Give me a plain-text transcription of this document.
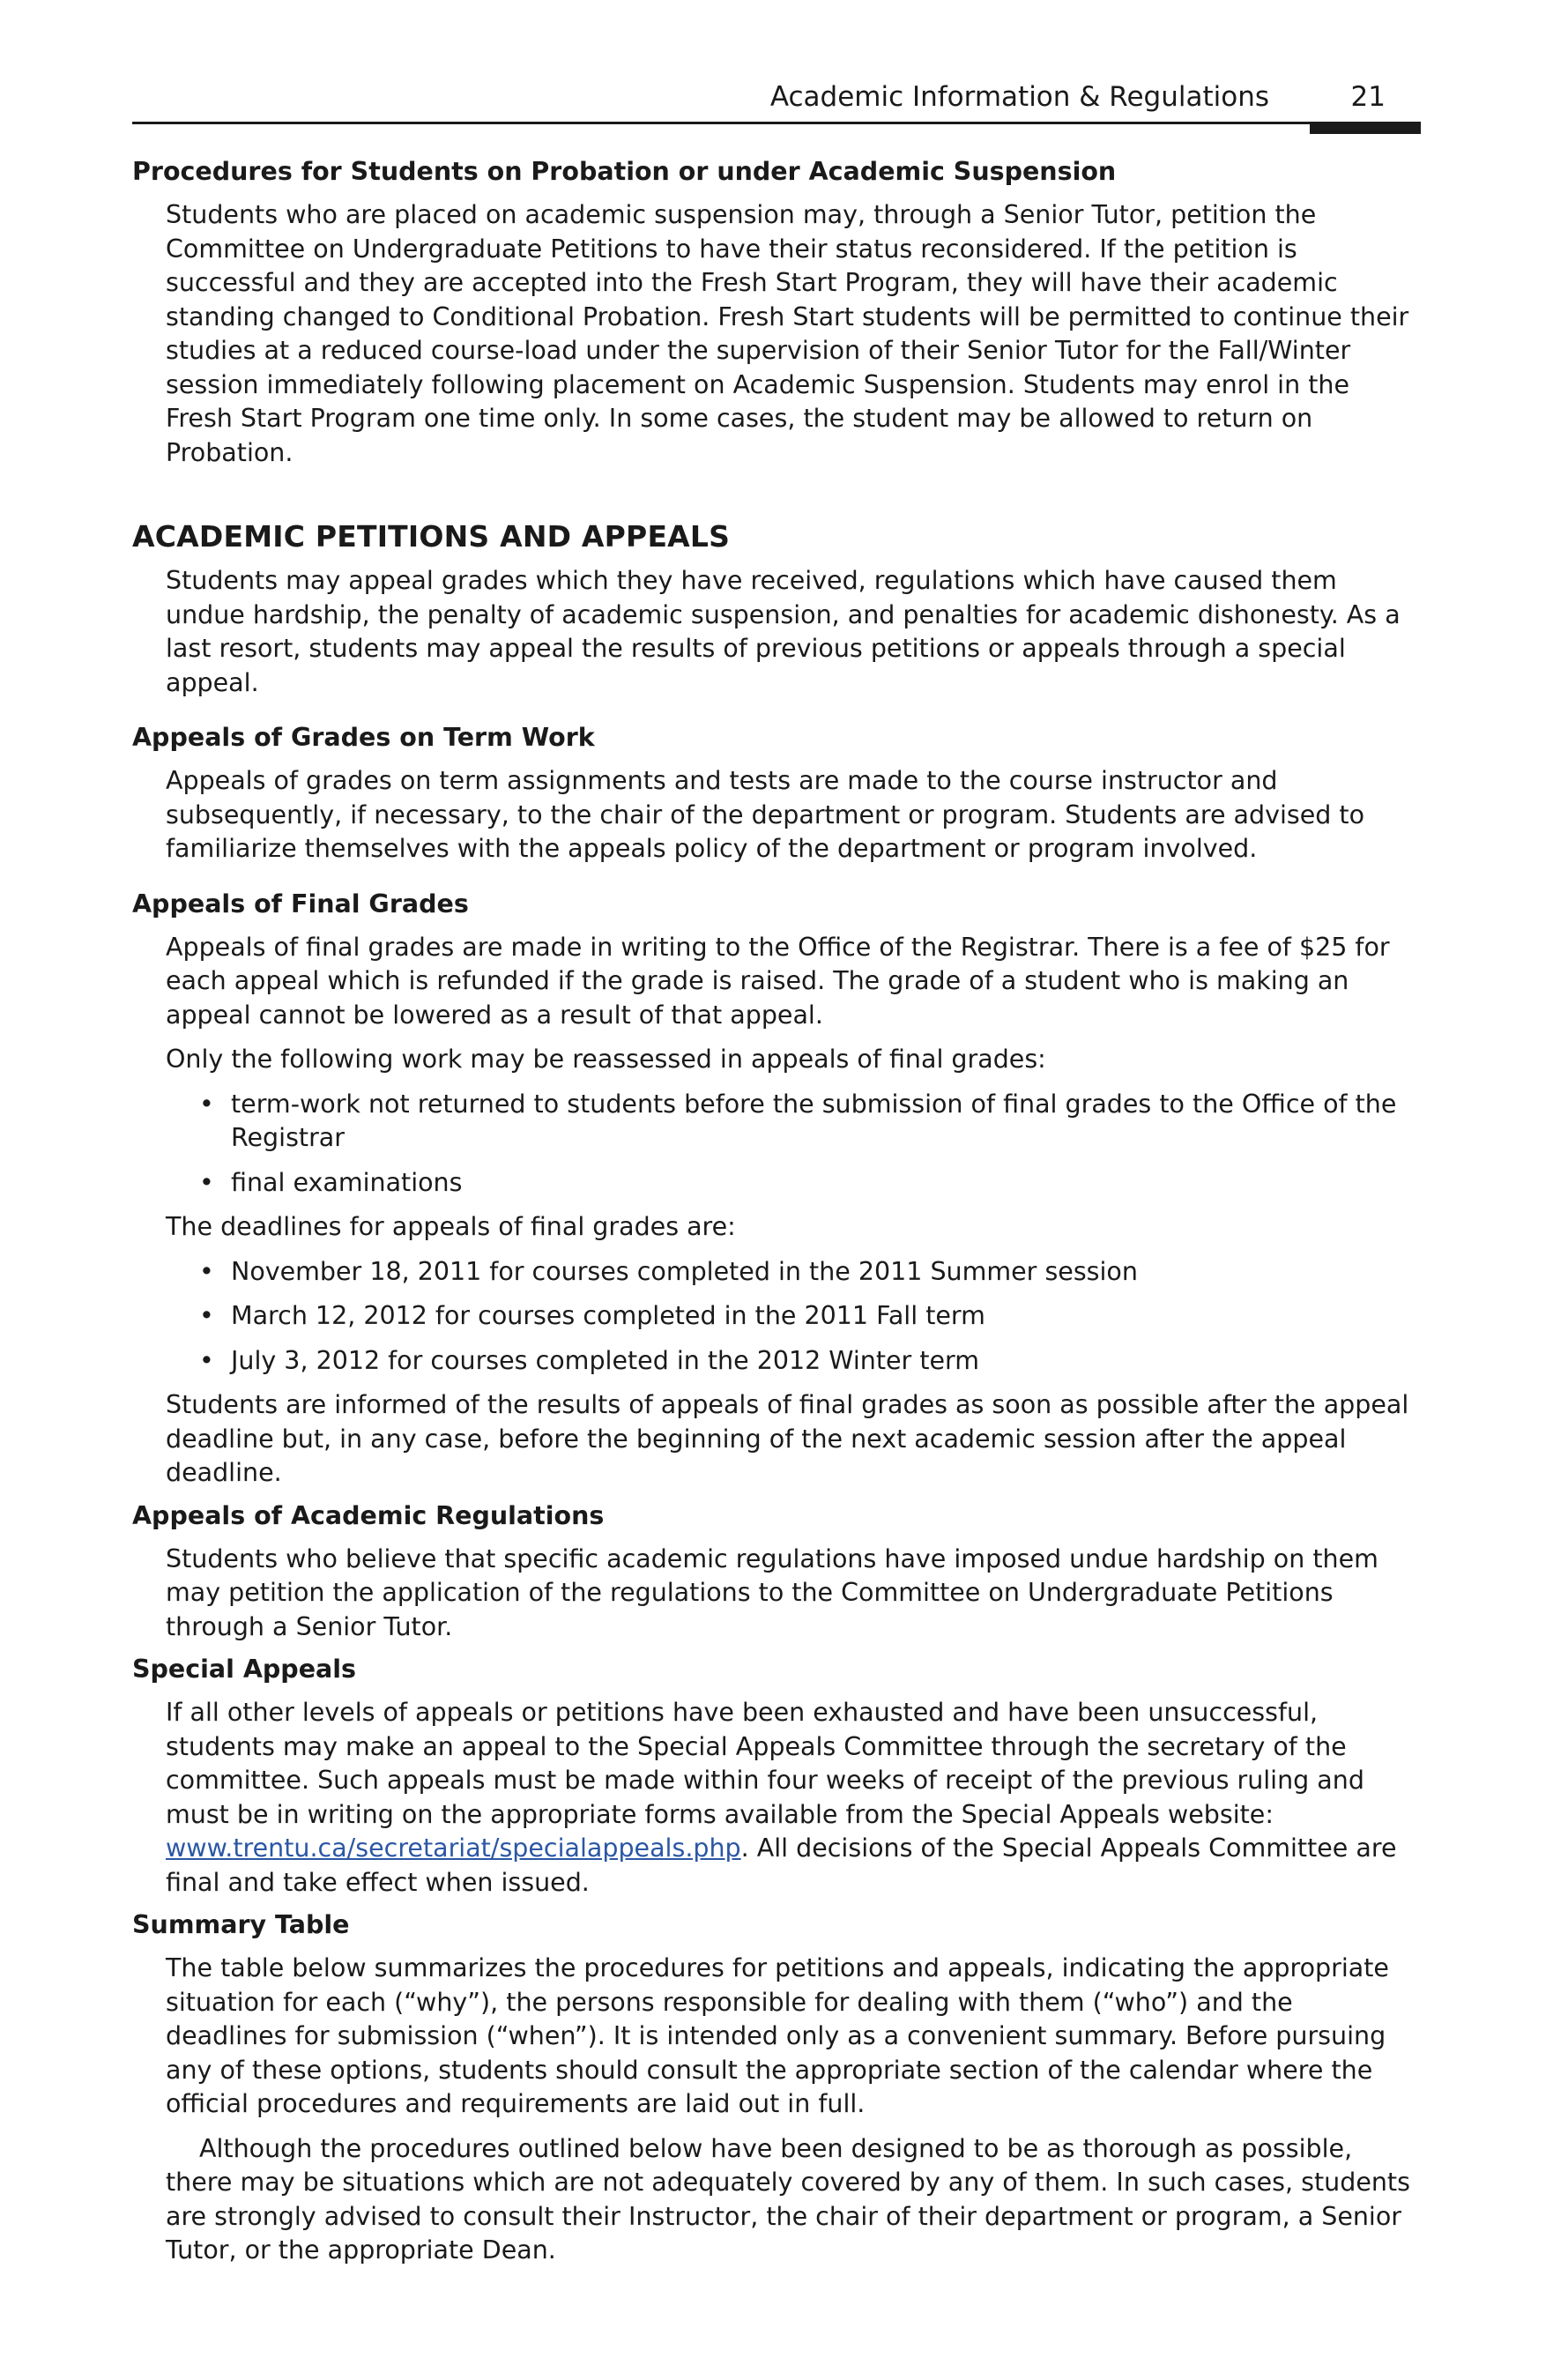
Academic Information & Regulations	21
Procedures for Students on Probation or under Academic Suspension

Students who are placed on academic suspension may, through a Senior Tutor, petition the Committee on Undergraduate Petitions to have their status reconsidered. If the petition is successful and they are accepted into the Fresh Start Program, they will have their academic standing changed to Conditional Probation. Fresh Start students will be permitted to continue their studies at a reduced course-load under the supervision of their Senior Tutor for the Fall/Winter session immediately following placement on Academic Suspension. Students may enrol in the Fresh Start Program one time only. In some cases, the student may be allowed to return on Probation.

ACADEMIC PETITIONS AND APPEALS

Students may appeal grades which they have received, regulations which have caused them undue hardship, the penalty of academic suspension, and penalties for academic dishonesty. As a last resort, students may appeal the results of previous petitions or appeals through a special appeal.

Appeals of Grades on Term Work

Appeals of grades on term assignments and tests are made to the course instructor and subsequently, if necessary, to the chair of the department or program. Students are advised to familiarize themselves with the appeals policy of the department or program involved.

Appeals of Final Grades

Appeals of final grades are made in writing to the Office of the Registrar. There is a fee of $25 for each appeal which is refunded if the grade is raised. The grade of a student who is making an appeal cannot be lowered as a result of that appeal.

Only the following work may be reassessed in appeals of final grades:

• term-work not returned to students before the submission of final grades to the Office of the Registrar
• final examinations

The deadlines for appeals of final grades are:

• November 18, 2011 for courses completed in the 2011 Summer session
• March 12, 2012 for courses completed in the 2011 Fall term
• July 3, 2012 for courses completed in the 2012 Winter term

Students are informed of the results of appeals of final grades as soon as possible after the appeal deadline but, in any case, before the beginning of the next academic session after the appeal deadline.

Appeals of Academic Regulations

Students who believe that specific academic regulations have imposed undue hardship on them may petition the application of the regulations to the Committee on Undergraduate Petitions through a Senior Tutor.

Special Appeals

If all other levels of appeals or petitions have been exhausted and have been unsuccessful, students may make an appeal to the Special Appeals Committee through the secretary of the committee. Such appeals must be made within four weeks of receipt of the previous ruling and must be in writing on the appropriate forms available from the Special Appeals website: www.trentu.ca/secretariat/specialappeals.php. All decisions of the Special Appeals Committee are final and take effect when issued.

Summary Table

The table below summarizes the procedures for petitions and appeals, indicating the appropriate situation for each (“why”), the persons responsible for dealing with them (“who”) and the deadlines for submission (“when”). It is intended only as a convenient summary. Before pursuing any of these options, students should consult the appropriate section of the calendar where the official procedures and requirements are laid out in full.

Although the procedures outlined below have been designed to be as thorough as possible, there may be situations which are not adequately covered by any of them. In such cases, students are strongly advised to consult their Instructor, the chair of their department or program, a Senior Tutor, or the appropriate Dean.
